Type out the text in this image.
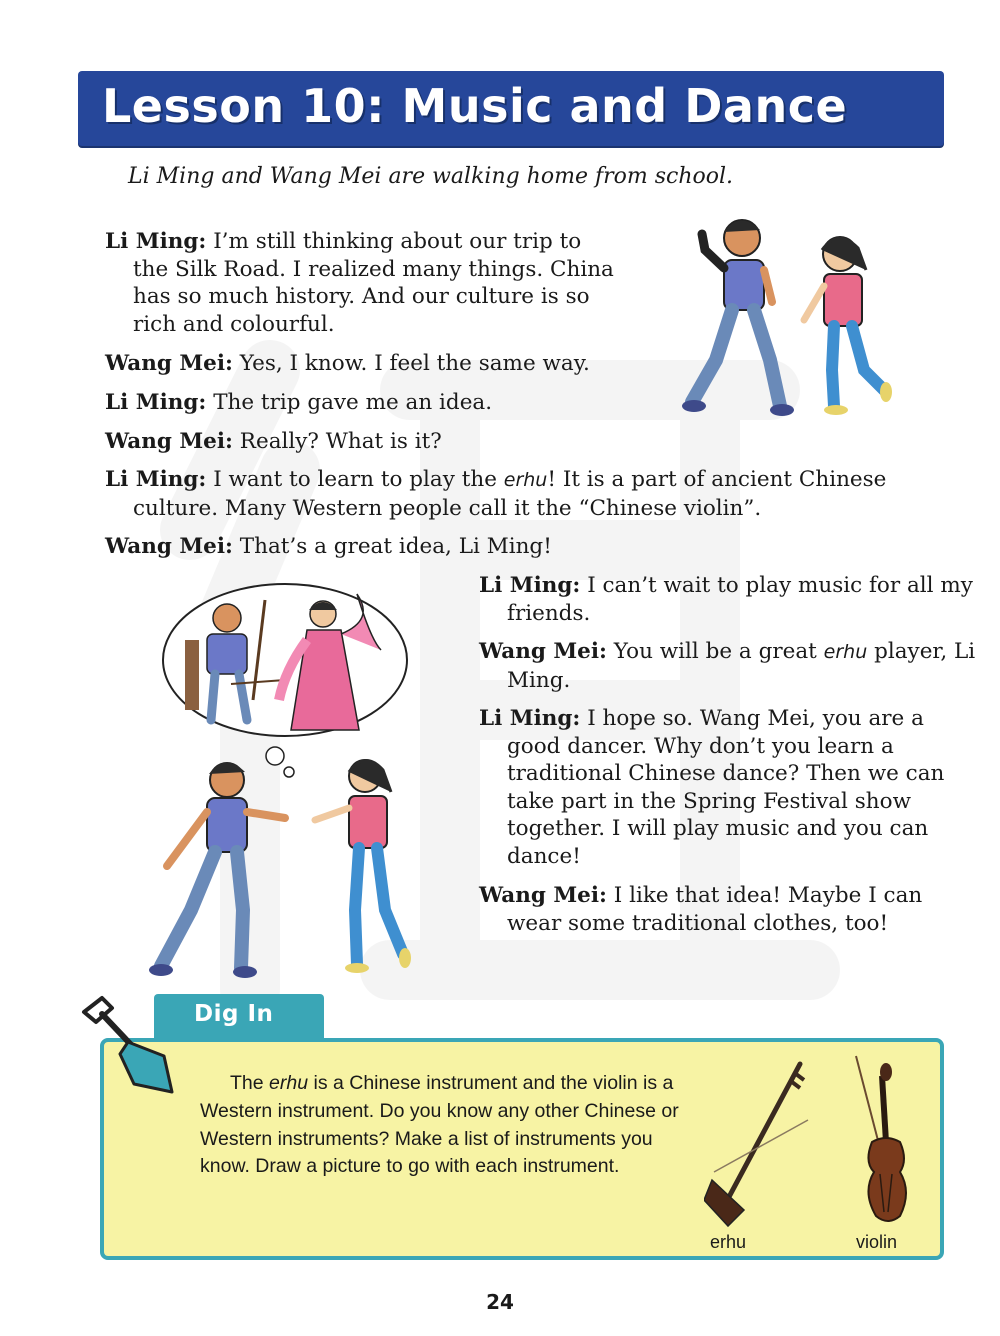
Lesson 10: Music and Dance
Li Ming and Wang Mei are walking home from school.
Li Ming: I’m still thinking about our trip to the Silk Road. I realized many things. China has so much history. And our culture is so rich and colourful.
Wang Mei: Yes, I know. I feel the same way.
Li Ming: The trip gave me an idea.
Wang Mei: Really? What is it?
Li Ming: I want to learn to play the erhu! It is a part of ancient Chinese culture. Many Western people call it the “Chinese violin”.
Wang Mei: That’s a great idea, Li Ming!
Li Ming: I can’t wait to play music for all my friends.
Wang Mei: You will be a great erhu player, Li Ming.
Li Ming: I hope so. Wang Mei, you are a good dancer. Why don’t you learn a traditional Chinese dance? Then we can take part in the Spring Festival show together. I will play music and you can dance!
Wang Mei: I like that idea! Maybe I can wear some traditional clothes, too!
Dig In
The erhu is a Chinese instrument and the violin is a Western instrument. Do you know any other Chinese or Western instruments? Make a list of instruments you know. Draw a picture to go with each instrument.
erhu	violin
24
